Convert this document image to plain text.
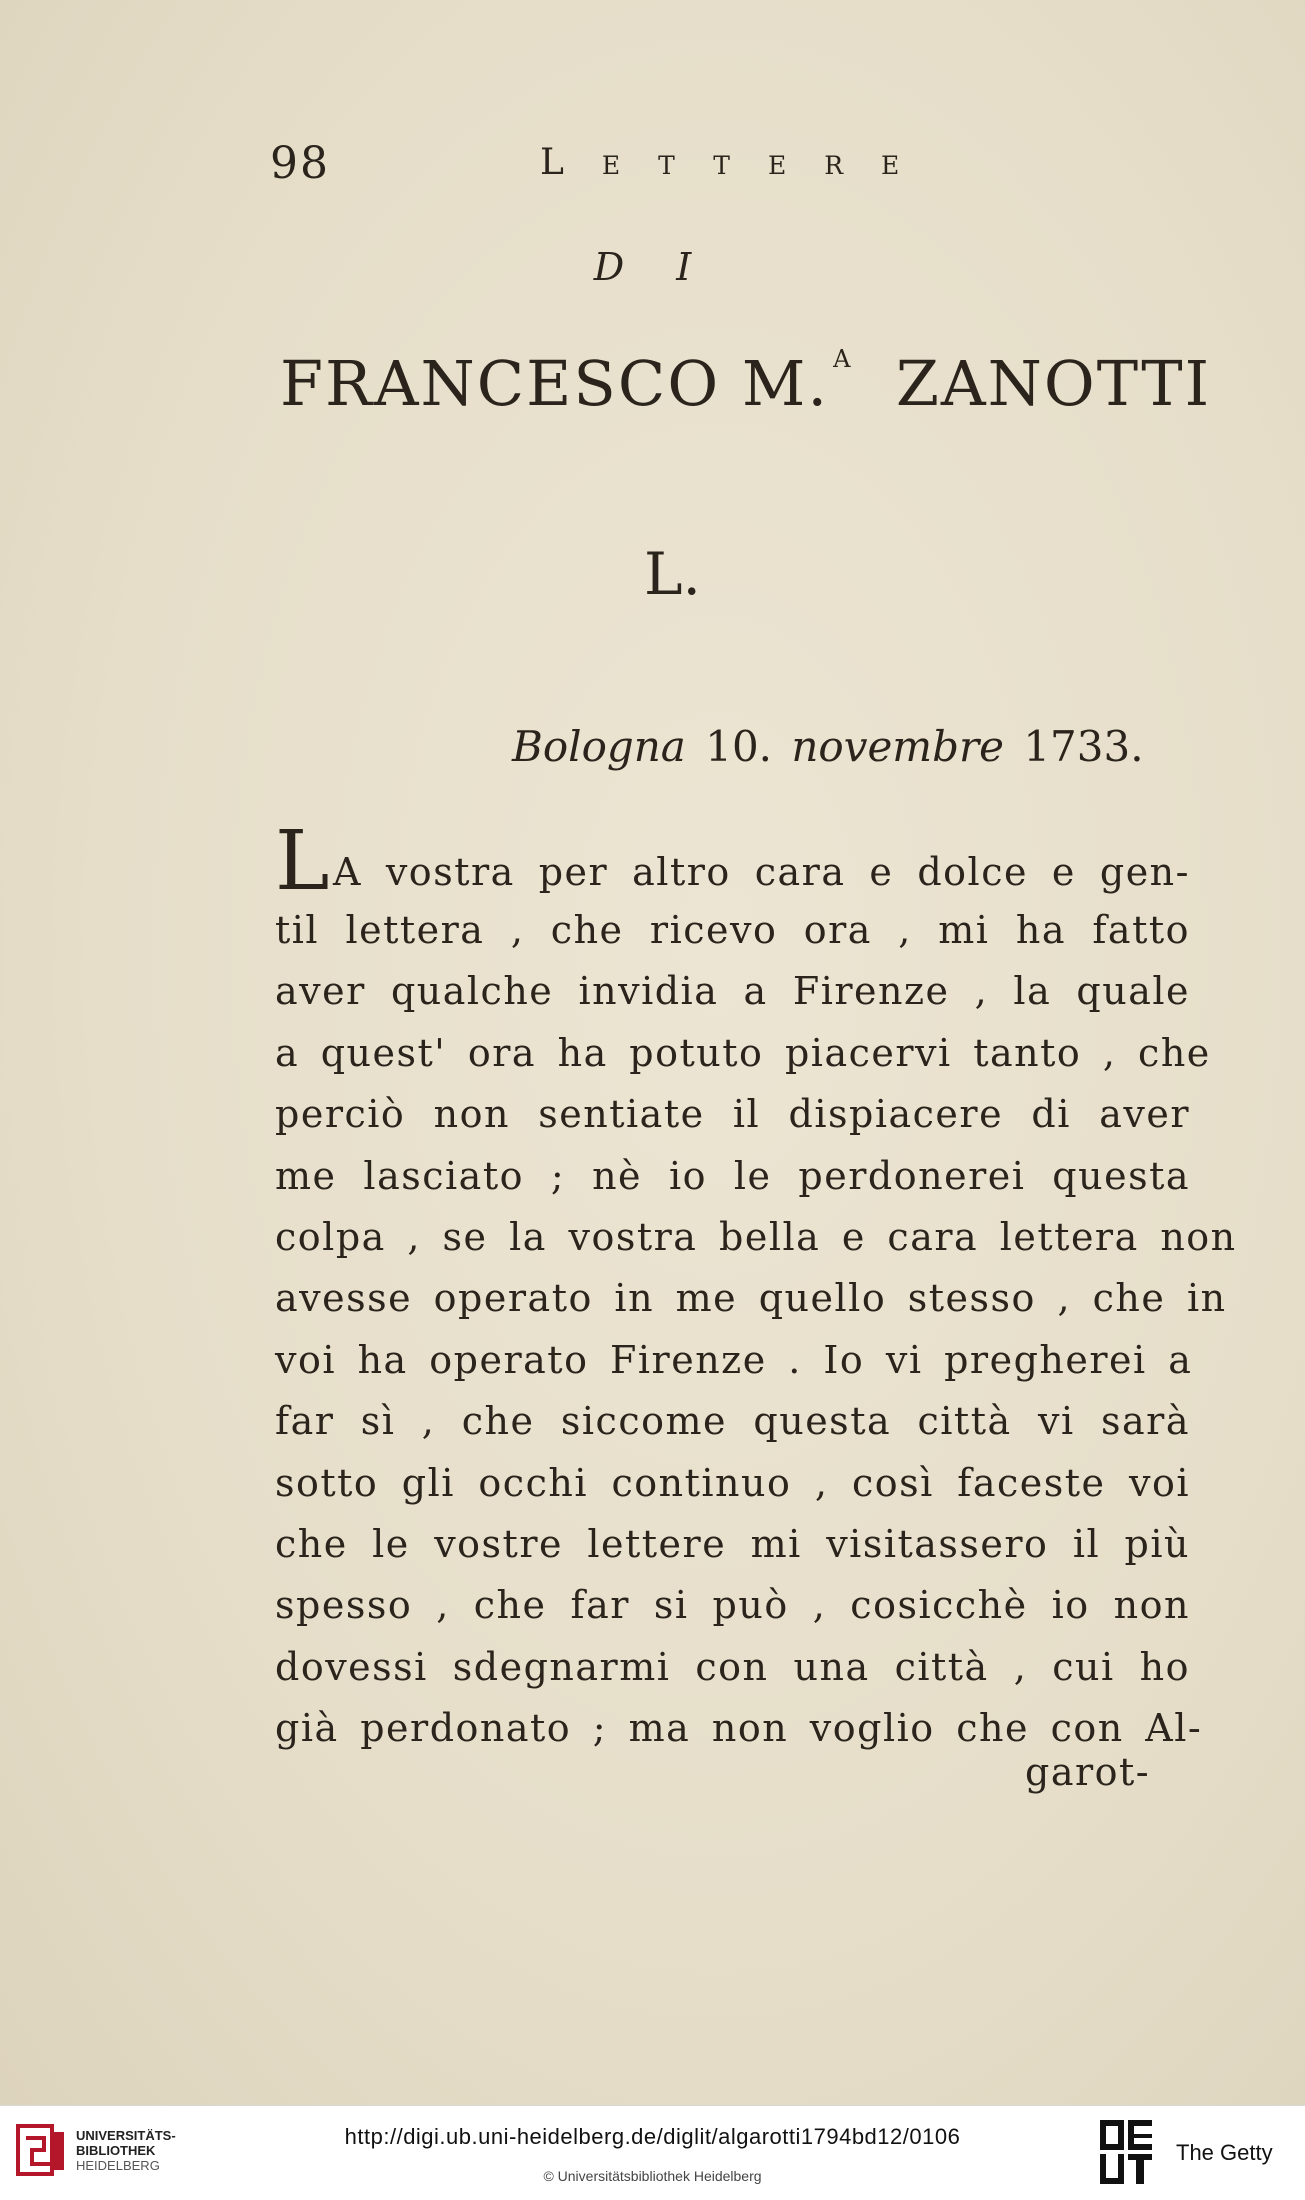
98	Lettere
D I
FRANCESCO M. $^A$ ZANOTTI
L.
Bologna 10. novembre 1733.
LA vostra per altro cara e dolce e gen-
til lettera , che ricevo ora , mi ha fatto
aver qualche invidia a Firenze , la quale
a quest' ora ha potuto piacervi tanto , che
perciò non sentiate il dispiacere di aver
me lasciato ; nè io le perdonerei questa
colpa , se la vostra bella e cara lettera non
avesse operato in me quello stesso , che in
voi ha operato Firenze . Io vi pregherei a
far sì , che siccome questa città vi sarà
sotto gli occhi continuo , così faceste voi
che le vostre lettere mi visitassero il più
spesso , che far si può , cosicchè io non
dovessi sdegnarmi con una città , cui ho
già perdonato ; ma non voglio che con Al-
garot-
UNIVERSITÄTS-
BIBLIOTHEK
HEIDELBERG
http://digi.ub.uni-heidelberg.de/diglit/algarotti1794bd12/0106
© Universitätsbibliothek Heidelberg
The Getty
